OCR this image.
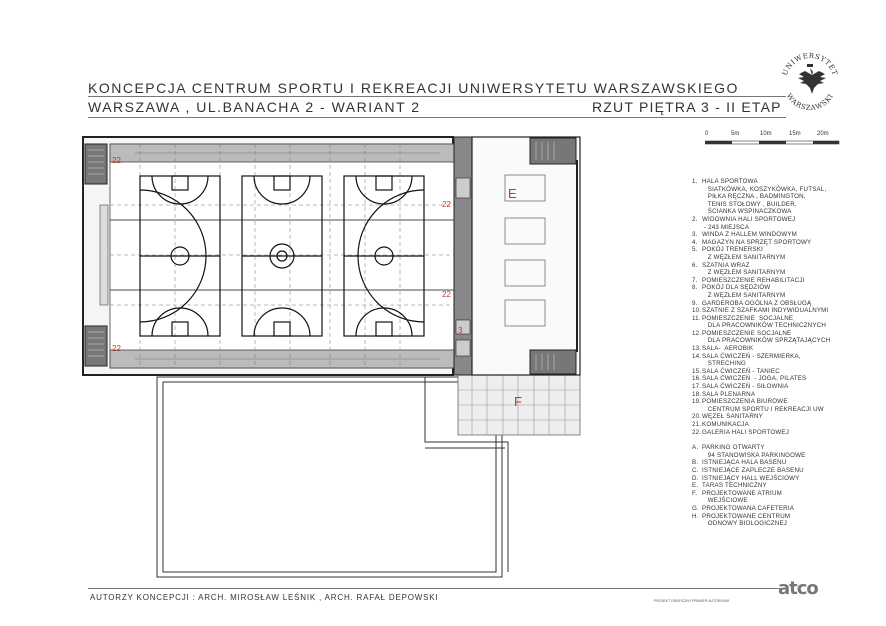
KONCEPCJA CENTRUM SPORTU I REKREACJI UNIWERSYTETU WARSZAWSKIEGO
WARSZAWA , UL.BANACHA 2 - WARIANT 2	RZUT PIĘTRA 3 - II ETAP
UNIWERSYTET
WARSZAWSKI
0	5m	10m	15m	20m
22
22
22
22
3
E
F
1. HALA SPORTOWA
SIATKÓWKA, KOSZYKÓWKA, FUTSAL,
PIŁKA RĘCZNA , BADMINGTON,
TENIS STOŁOWY , BUILDER,
ŚCIANKA WSPINACZKOWA
2. WIDOWNIA HALI SPORTOWEJ
- 243 MIEJSCA
3. WINDA Z HALLEM WINDOWYM
4. MAGAZYN NA SPRZĘT SPORTOWY
5. POKÓJ TRENERSKI
Z WĘZŁEM SANITARNYM
6. SZATNIA WRAZ
Z WĘZŁEM SANITARNYM
7. POMIESZCZENIE REHABILITACJI
8. POKÓJ DLA SĘDZIÓW
Z WĘZŁEM SANITARNYM
9. GARDEROBA OGÓLNA Z OBSŁUGĄ
10. SZATNIE Z SZAFKAMI INDYWIDUALNYMI
11. POMIESZCZENIE  SOCJALNE
DLA PRACOWNIKÓW TECHNICZNYCH
12. POMIESZCZENIE SOCJALNE
DLA PRACOWNIKÓW SPRZĄTAJĄCYCH
13. SALA-  AEROBIK
14. SALA ĆWICZEŃ - SZERMIERKA,
STRECHING
15. SALA ĆWICZEŃ - TANIEC
16. SALA ĆWICZEŃ  - JOGA, PILATES
17. SALA ĆWICZEŃ - SIŁOWNIA
18. SALA PLENARNA
19. POMIESZCZENIA BIUROWE
CENTRUM SPORTU I REKREACJI UW
20. WĘZEŁ SANITARNY
21. KOMUNIKACJA
22. GALERIA HALI SPORTOWEJ
A. PARKING OTWARTY
94 STANOWISKA PARKINGOWE
B. ISTNIEJĄCA HALA BASENU
C. ISTNIEJĄCE ZAPLECZE BASENU
D. ISTNIEJĄCY HALL WEJŚCIOWY
E. TARAS TECHNICZNY
F. PROJEKTOWANE ATRIUM
WEJŚCIOWE
G. PROJEKTOWANA CAFETERIA
H. PROJEKTOWANE CENTRUM
ODNOWY BIOLOGICZNEJ
AUTORZY KONCEPCJI : ARCH. MIROSŁAW LEŚNIK , ARCH. RAFAŁ DEPOWSKI	PROJEKT GRAFICZNY PRAWER AUTORSKIM
atco
